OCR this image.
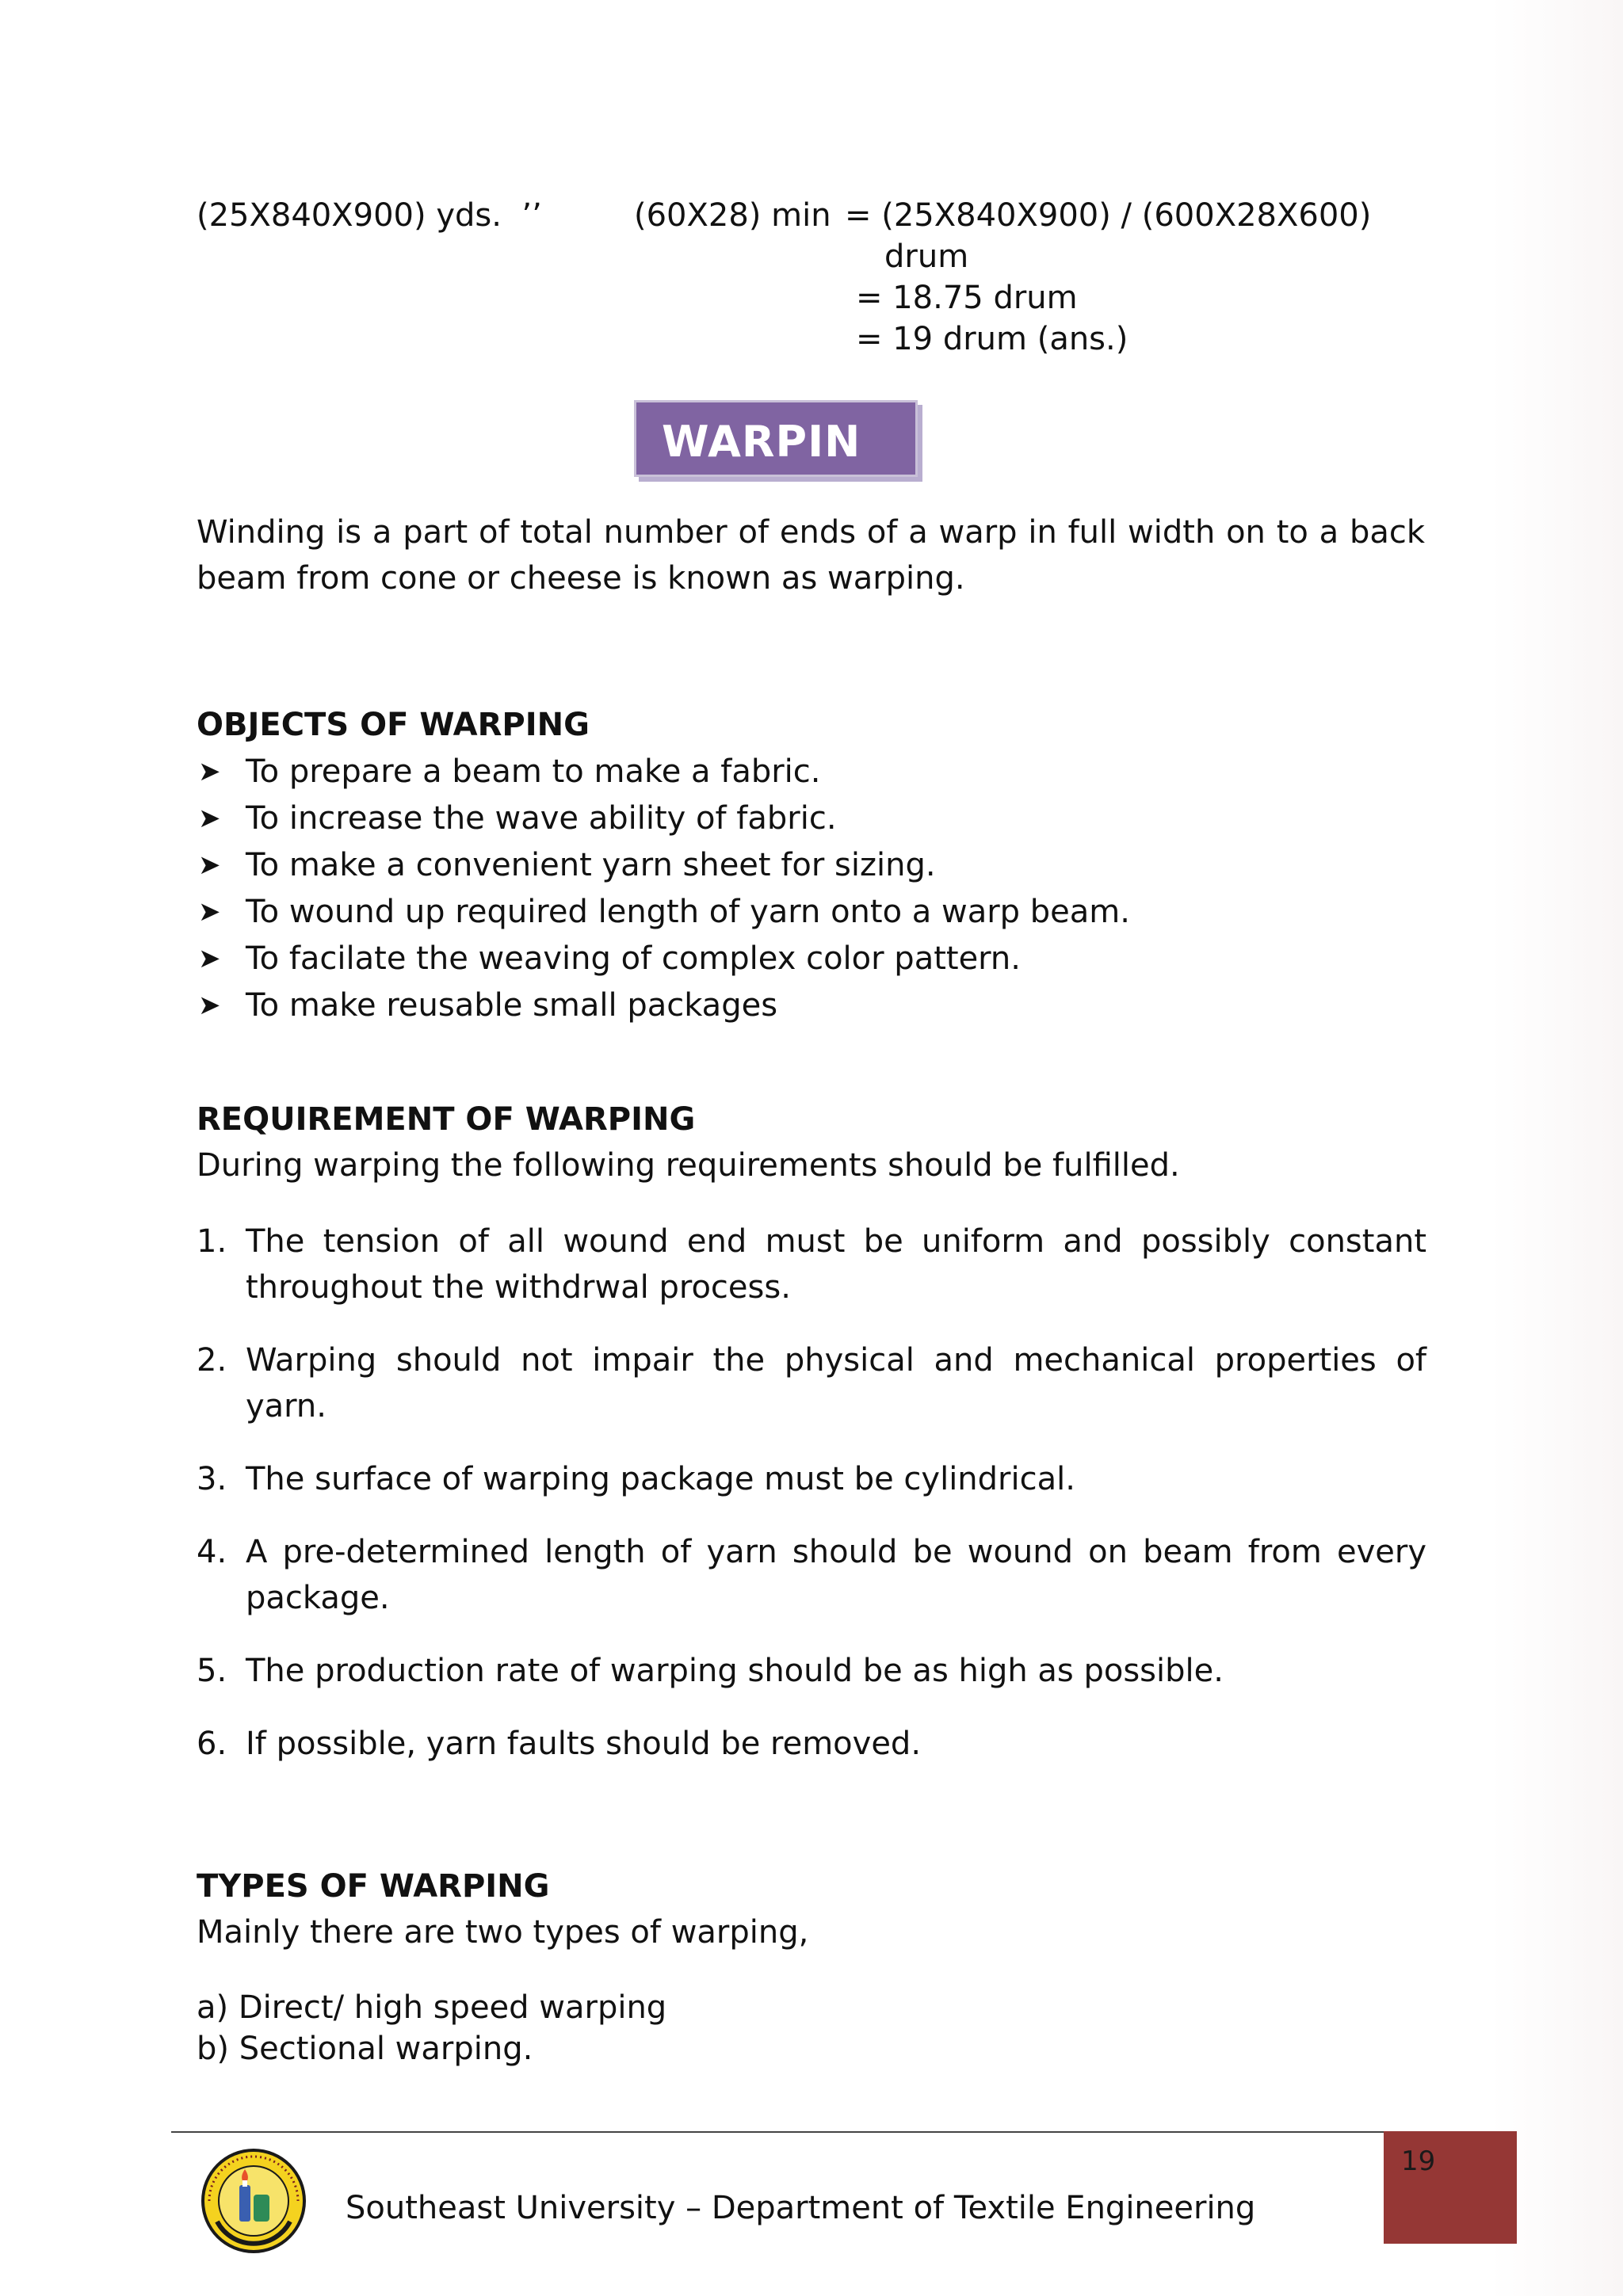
(25X840X900) yds.  ’’	(60X28) min = (25X840X900) / (600X28X600)
drum
= 18.75 drum
= 19 drum (ans.)
WARPIN
Winding is a part of total number of ends of a warp in full width on to a back beam from cone or cheese is known as warping.
OBJECTS OF WARPING
➤ To prepare a beam to make a fabric.
➤ To increase the wave ability of fabric.
➤ To make a convenient yarn sheet for sizing.
➤ To wound up required length of yarn onto a warp beam.
➤ To facilate the weaving of complex color pattern.
➤ To make reusable small packages
REQUIREMENT OF WARPING
During warping the following requirements should be fulfilled.
1. The tension of all wound end must be uniform and possibly constant throughout the withdrwal process.
2. Warping should not impair the physical and mechanical properties of yarn.
3. The surface of warping package must be cylindrical.
4. A pre-determined length of yarn should be wound on beam from every package.
5. The production rate of warping should be as high as possible.
6. If possible, yarn faults should be removed.
TYPES OF WARPING
Mainly there are two types of warping,
a) Direct/ high speed warping
b) Sectional warping.
19
Southeast University – Department of Textile Engineering
